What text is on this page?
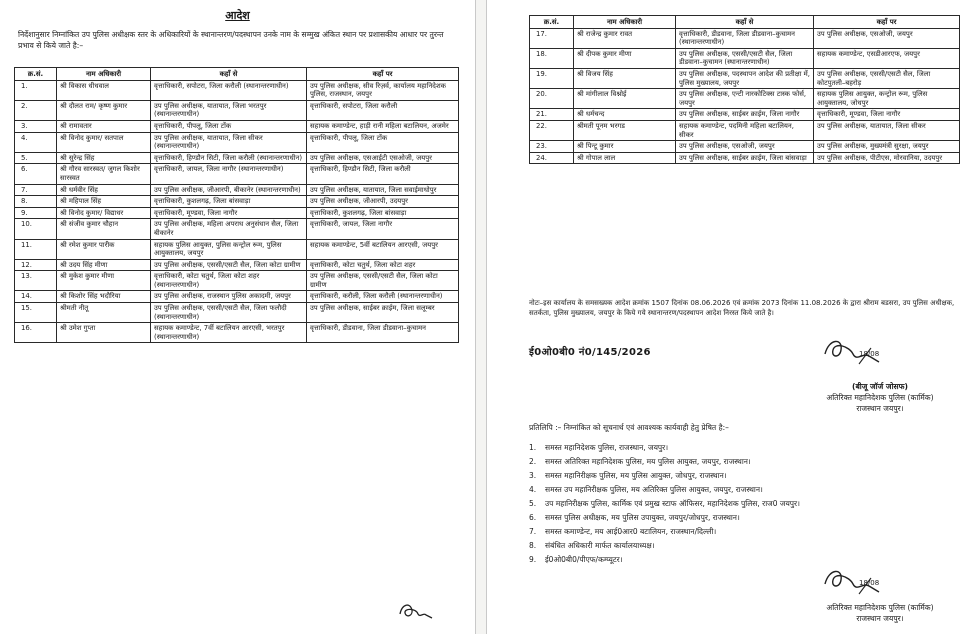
आदेश
निर्देशानुसार निम्नांकित उप पुलिस अधीक्षक स्तर के अधिकारियों के स्थानान्तरण/पदस्थापन उनके नाम के सम्मुख अंकित स्थान पर प्रशासकीय आधार पर तुरन्त प्रभाव से किये जाते है:–
क्र.सं.	नाम अधिकारी	कहाँ से	कहाँ पर
1.	श्री विकास धीधवाल	वृत्ताधिकारी, सपोटरा, जिला करौली (स्थानान्तरणाधीन)	उप पुलिस अधीक्षक, सीव रिज़र्व, कार्यालय महानिदेशक पुलिस, राजस्थान, जयपुर
2.	श्री दौलत राम/ कृष्ण कुमार	उप पुलिस अधीक्षक, यातायात, जिला भरतपुर (स्थानान्तरणाधीन)	वृत्ताधिकारी, सपोटरा, जिला करौली
3.	श्री रामावतार	वृत्ताधिकारी, पीपलू, जिला टोंक	सहायक कमाण्डेन्ट, हाड़ी रानी महिला बटालियन, अजमेर
4.	श्री विनोद कुमार/ सतपाल	उप पुलिस अधीक्षक, यातायात, जिला सीकर (स्थानान्तरणाधीन)	वृत्ताधिकारी, पीपलू, जिला टोंक
5.	श्री सुरेन्द्र सिंह	वृत्ताधिकारी, हिण्डौन सिटी, जिला करौली (स्थानान्तरणाधीन)	उप पुलिस अधीक्षक, एसआईटी एसओजी, जयपुर
6.	श्री गौरव सारस्वत/ जुगल किशोर सारस्वत	वृत्ताधिकारी, जायल, जिला नागौर (स्थानान्तरणाधीन)	वृत्ताधिकारी, हिण्डौन सिटी, जिला करौली
7.	श्री धर्मवीर सिंह	उप पुलिस अधीक्षक, जीआरपी, बीकानेर (स्थानान्तरणाधीन)	उप पुलिस अधीक्षक, यातायात, जिला सवाईमाधोपुर
8.	श्री महिपाल सिंह	वृत्ताधिकारी, कुशलगढ़, जिला बांसवाड़ा	उप पुलिस अधीक्षक, जीआरपी, उदयपुर
9.	श्री विनोद कुमार/ विद्याधर	वृत्ताधिकारी, मूण्डवा, जिला नागौर	वृत्ताधिकारी, कुशलगढ़, जिला बांसवाड़ा
10.	श्री संजीव कुमार चौहान	उप पुलिस अधीक्षक, महिला अपराध अनुसंधान सैल, जिला बीकानेर	वृत्ताधिकारी, जायल, जिला नागौर
11.	श्री रमेश कुमार पारीक	सहायक पुलिस आयुक्त, पुलिस कन्ट्रोल रूम, पुलिस आयुक्तालय, जयपुर	सहायक कमाण्डेन्ट, 5वीं बटालियन आरएसी, जयपुर
12.	श्री उदय सिंह मीणा	उप पुलिस अधीक्षक, एससी/एसटी सैल, जिला कोटा ग्रामीण	वृत्ताधिकारी, कोटा चतुर्थ, जिला कोटा शहर
13.	श्री मुकेश कुमार मीणा	वृत्ताधिकारी, कोटा चतुर्थ, जिला कोटा शहर (स्थानान्तरणाधीन)	उप पुलिस अधीक्षक, एससी/एसटी सैल, जिला कोटा ग्रामीण
14.	श्री किशोर सिंह भदौरिया	उप पुलिस अधीक्षक, राजस्थान पुलिस अकादमी, जयपुर	वृत्ताधिकारी, करौली, जिला करौली (स्थानान्तरणाधीन)
15.	श्रीमती नीतू	उप पुलिस अधीक्षक, एससी/एसटी सैल, जिला फलौदी (स्थानान्तरणाधीन)	उप पुलिस अधीक्षक, साईबर क्राईम, जिला सलूम्बर
16.	श्री उमेश गुप्ता	सहायक कमाण्डेन्ट, 7वीं बटालियन आरएसी, भरतपुर (स्थानान्तरणाधीन)	वृत्ताधिकारी, डीडवाना, जिला डीडवाना–कुचामन
क्र.सं.	नाम अधिकारी	कहाँ से	कहाँ पर
17.	श्री राजेन्द्र कुमार रावत	वृत्ताधिकारी, डीडवाना, जिला डीडवाना–कुचामन (स्थानान्तरणाधीन)	उप पुलिस अधीक्षक, एसओजी, जयपुर
18.	श्री दीपक कुमार मीणा	उप पुलिस अधीक्षक, एससी/एसटी सैल, जिला डीडवाना–कुचामन (स्थानान्तरणाधीन)	सहायक कमाण्डेन्ट, एसडीआरएफ, जयपुर
19.	श्री विजय सिंह	उप पुलिस अधीक्षक, पदस्थापन आदेश की प्रतीक्षा में, पुलिस मुख्यालय, जयपुर	उप पुलिस अधीक्षक, एससी/एसटी सैल, जिला कोटपुतली–बहरोड़
20.	श्री मांगीलाल विश्नोई	उप पुलिस अधीक्षक, एन्टी नारकोटिक्स टास्क फोर्स, जयपुर	सहायक पुलिस आयुक्त, कन्ट्रोल रूम, पुलिस आयुक्तालय, जोधपुर
21.	श्री धर्मचन्द	उप पुलिस अधीक्षक, साईबर क्राईम, जिला नागौर	वृत्ताधिकारी, मूण्डवा, जिला नागौर
22.	श्रीमती पूनम भरगड	सहायक कमाण्डेन्ट, पदमिनी महिला बटालियन, सीकर	उप पुलिस अधीक्षक, यातायात, जिला सीकर
23.	श्री पिन्टू कुमार	उप पुलिस अधीक्षक, एसओजी, जयपुर	उप पुलिस अधीक्षक, मुख्यमंत्री सुरक्षा, जयपुर
24.	श्री गोपाल लाल	उप पुलिस अधीक्षक, साईबर क्राईम, जिला बांसवाड़ा	उप पुलिस अधीक्षक, पीटीएस, मोरवानिया, उदयपुर
नोटः–इस कार्यालय के समसख्यक आदेश क्रमांक 1507 दिनांक 08.06.2026 एवं क्रमांक 2073 दिनांक 11.08.2026 के द्वारा श्रीराम बडसरा, उप पुलिस अधीक्षक, सतर्कता, पुलिस मुख्यालय, जयपुर के किये गये स्थानान्तरण/पदस्थापन आदेश निरस्त किये जाते है।
ई0ओ0बी0 नं0/145/2026	18/08
(बीजू जॉर्ज जोसफ)
अतिरिक्त महानिदेशक पुलिस (कार्मिक)
राजस्थान जयपुर।
प्रतिलिपि :– निम्नांकित को सूचनार्थ एवं आवश्यक कार्यवाही हेतु प्रेषित है:–
1. समस्त महानिदेशक पुलिस, राजस्थान, जयपुर।
2. समस्त अतिरिक्त महानिदेशक पुलिस, मय पुलिस आयुक्त, जयपुर, राजस्थान।
3. समस्त महानिरीक्षक पुलिस, मय पुलिस आयुक्त, जोधपुर, राजस्थान।
4. समस्त उप महानिरीक्षक पुलिस, मय अतिरिक्त पुलिस आयुक्त, जयपुर, राजस्थान।
5. उप महानिरीक्षक पुलिस, कार्मिक एवं प्रमुख स्टाफ ऑफिसर, महानिदेशक पुलिस, राज0 जयपुर।
6. समस्त पुलिस अधीक्षक, मय पुलिस उपायुक्त, जयपुर/जोधपुर, राजस्थान।
7. समस्त कमाण्डेन्ट, मय आई0आर0 बटालियन, राजस्थान/दिल्ली।
8. संबंधित अधिकारी मार्फत कार्यालयाध्यक्ष।
9. ई0ओ0बी0/पीएफ/कम्प्यूटर।
18/08
अतिरिक्त महानिदेशक पुलिस (कार्मिक)
राजस्थान जयपुर।
